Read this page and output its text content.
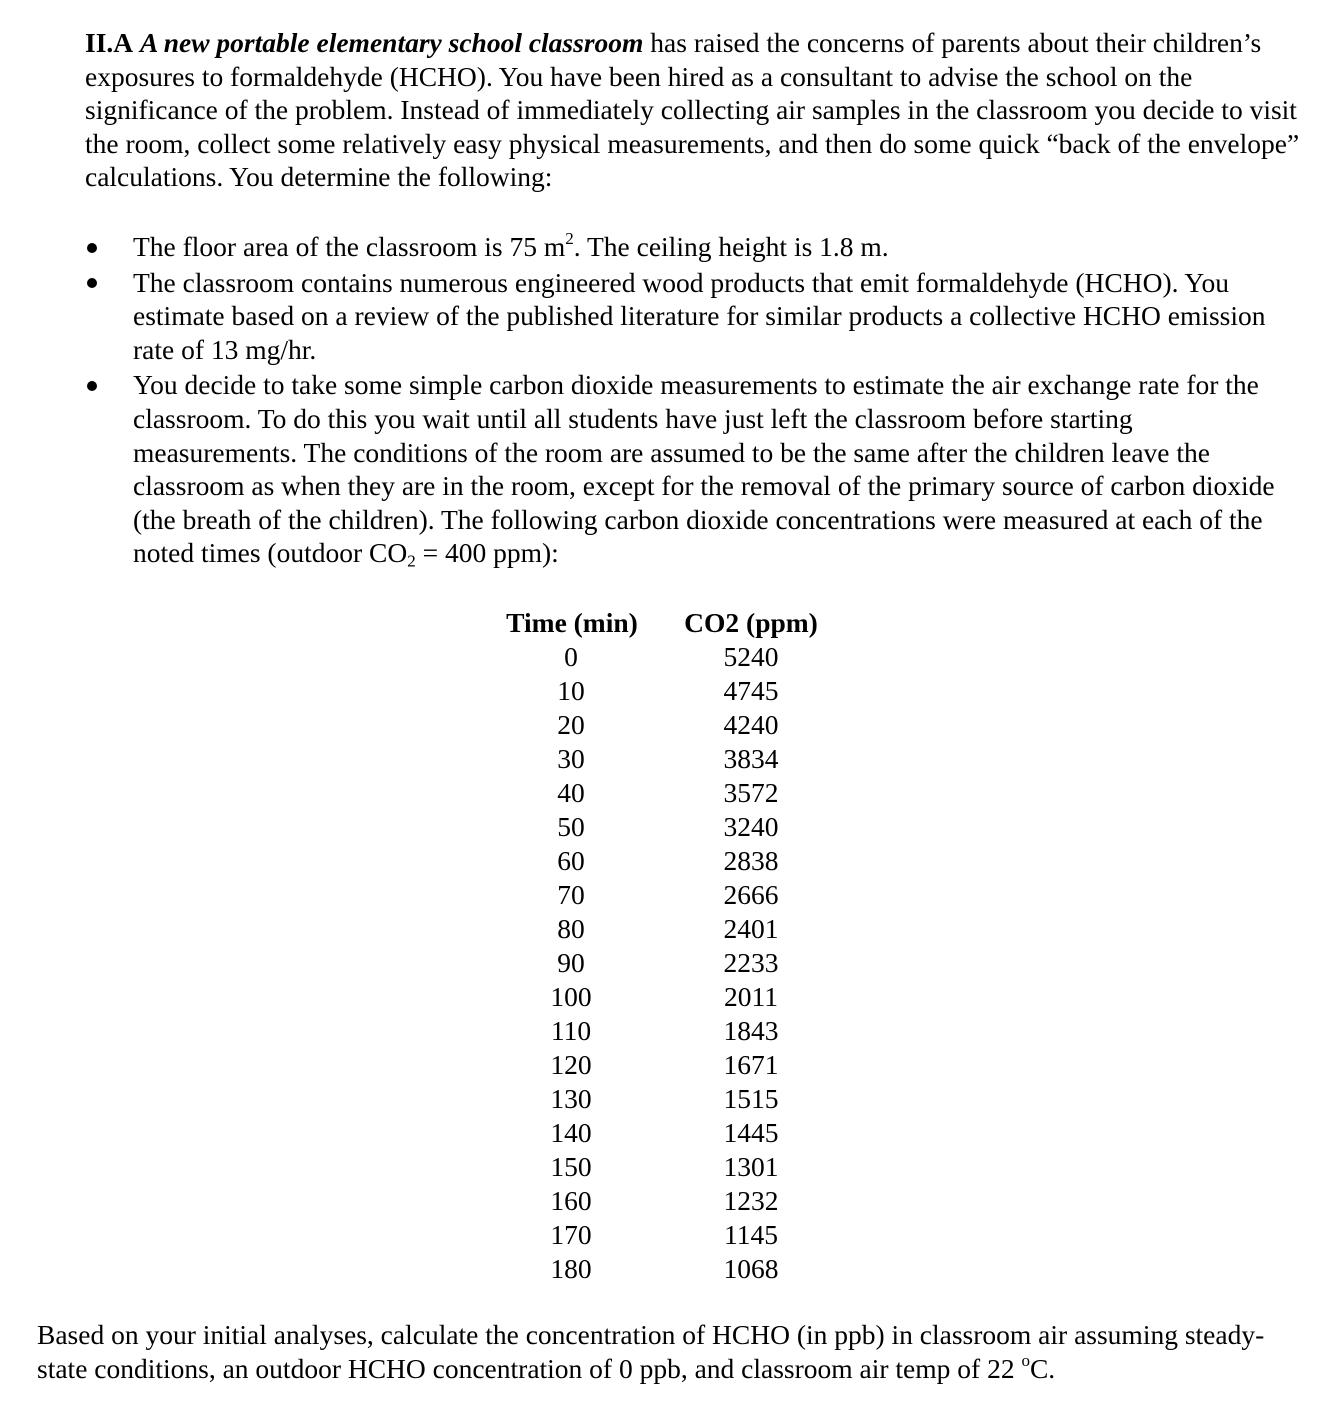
II.A A new portable elementary school classroom has raised the concerns of parents about their children’s exposures to formaldehyde (HCHO). You have been hired as a consultant to advise the school on the significance of the problem. Instead of immediately collecting air samples in the classroom you decide to visit the room, collect some relatively easy physical measurements, and then do some quick “back of the envelope” calculations. You determine the following:

The floor area of the classroom is 75 $m^2$. The ceiling height is 1.8 m.
The classroom contains numerous engineered wood products that emit formaldehyde (HCHO). You estimate based on a review of the published literature for similar products a collective HCHO emission rate of 13 mg/hr.
You decide to take some simple carbon dioxide measurements to estimate the air exchange rate for the classroom. To do this you wait until all students have just left the classroom before starting measurements. The conditions of the room are assumed to be the same after the children leave the classroom as when they are in the room, except for the removal of the primary source of carbon dioxide (the breath of the children). The following carbon dioxide concentrations were measured at each of the noted times (outdoor $CO_2 = 400$ ppm):
Time (min)	CO2 (ppm)
0	5240
10	4745
20	4240
30	3834
40	3572
50	3240
60	2838
70	2666
80	2401
90	2233
100	2011
110	1843
120	1671
130	1515
140	1445
150	1301
160	1232
170	1145
180	1068

Based on your initial analyses, calculate the concentration of HCHO (in ppb) in classroom air assuming steady-state conditions, an outdoor HCHO concentration of 0 ppb, and classroom air temp of 22 $^o$C.
